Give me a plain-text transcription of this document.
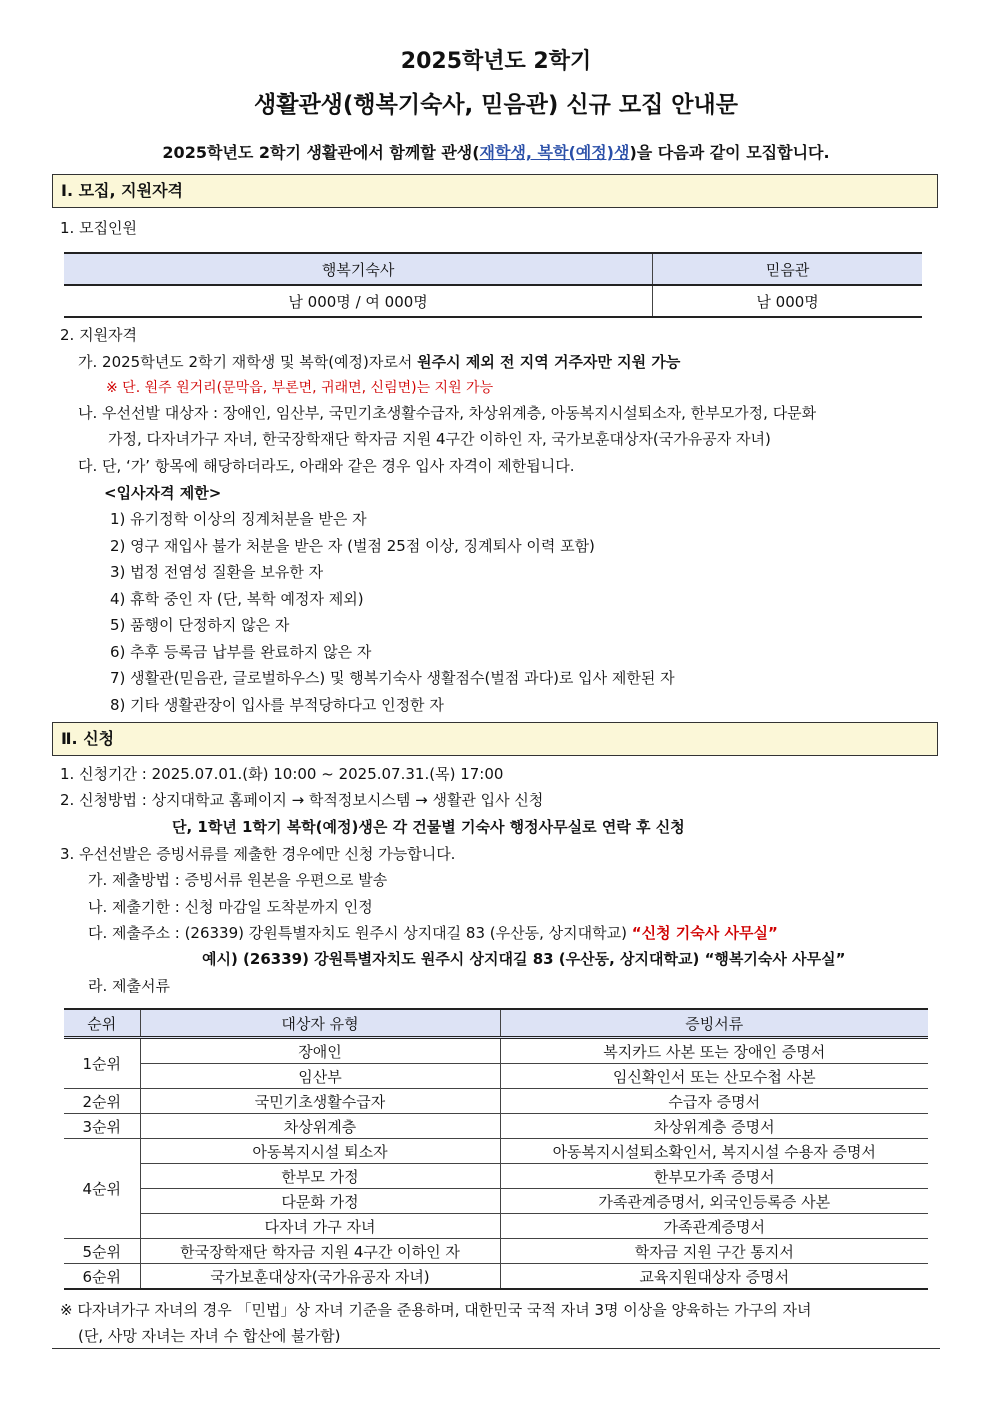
2025학년도 2학기
생활관생(행복기숙사, 믿음관) 신규 모집 안내문
2025학년도 2학기 생활관에서 함께할 관생(재학생, 복학(예정)생)을 다음과 같이 모집합니다.
Ⅰ. 모집, 지원자격
1. 모집인원
행복기숙사	믿음관
남 000명 / 여 000명	남 000명
2. 지원자격
가. 2025학년도 2학기 재학생 및 복학(예정)자로서 원주시 제외 전 지역 거주자만 지원 가능
※ 단. 원주 원거리(문막읍, 부론면, 귀래면, 신림면)는 지원 가능
나. 우선선발 대상자 : 장애인, 임산부, 국민기초생활수급자, 차상위계층, 아동복지시설퇴소자, 한부모가정, 다문화
가정, 다자녀가구 자녀, 한국장학재단 학자금 지원 4구간 이하인 자, 국가보훈대상자(국가유공자 자녀)
다. 단, ‘가’ 항목에 해당하더라도, 아래와 같은 경우 입사 자격이 제한됩니다.
<입사자격 제한>
1) 유기정학 이상의 징계처분을 받은 자
2) 영구 재입사 불가 처분을 받은 자 (벌점 25점 이상, 징계퇴사 이력 포함)
3) 법정 전염성 질환을 보유한 자
4) 휴학 중인 자 (단, 복학 예정자 제외)
5) 품행이 단정하지 않은 자
6) 추후 등록금 납부를 완료하지 않은 자
7) 생활관(믿음관, 글로벌하우스) 및 행복기숙사 생활점수(벌점 과다)로 입사 제한된 자
8) 기타 생활관장이 입사를 부적당하다고 인정한 자
Ⅱ. 신청
1. 신청기간 : 2025.07.01.(화) 10:00 ~ 2025.07.31.(목) 17:00
2. 신청방법 : 상지대학교 홈페이지 → 학적정보시스템 → 생활관 입사 신청
단, 1학년 1학기 복학(예정)생은 각 건물별 기숙사 행정사무실로 연락 후 신청
3. 우선선발은 증빙서류를 제출한 경우에만 신청 가능합니다.
가. 제출방법 : 증빙서류 원본을 우편으로 발송
나. 제출기한 : 신청 마감일 도착분까지 인정
다. 제출주소 : (26339) 강원특별자치도 원주시 상지대길 83 (우산동, 상지대학교) “신청 기숙사 사무실”
예시) (26339) 강원특별자치도 원주시 상지대길 83 (우산동, 상지대학교) “행복기숙사 사무실”
라. 제출서류
순위	대상자 유형	증빙서류
1순위	장애인	복지카드 사본 또는 장애인 증명서
	임산부	임신확인서 또는 산모수첩 사본
2순위	국민기초생활수급자	수급자 증명서
3순위	차상위계층	차상위계층 증명서
4순위	아동복지시설 퇴소자	아동복지시설퇴소확인서, 복지시설 수용자 증명서
	한부모 가정	한부모가족 증명서
	다문화 가정	가족관계증명서, 외국인등록증 사본
	다자녀 가구 자녀	가족관계증명서
5순위	한국장학재단 학자금 지원 4구간 이하인 자	학자금 지원 구간 통지서
6순위	국가보훈대상자(국가유공자 자녀)	교육지원대상자 증명서
※ 다자녀가구 자녀의 경우 「민법」상 자녀 기준을 준용하며, 대한민국 국적 자녀 3명 이상을 양육하는 가구의 자녀
(단, 사망 자녀는 자녀 수 합산에 불가함)
